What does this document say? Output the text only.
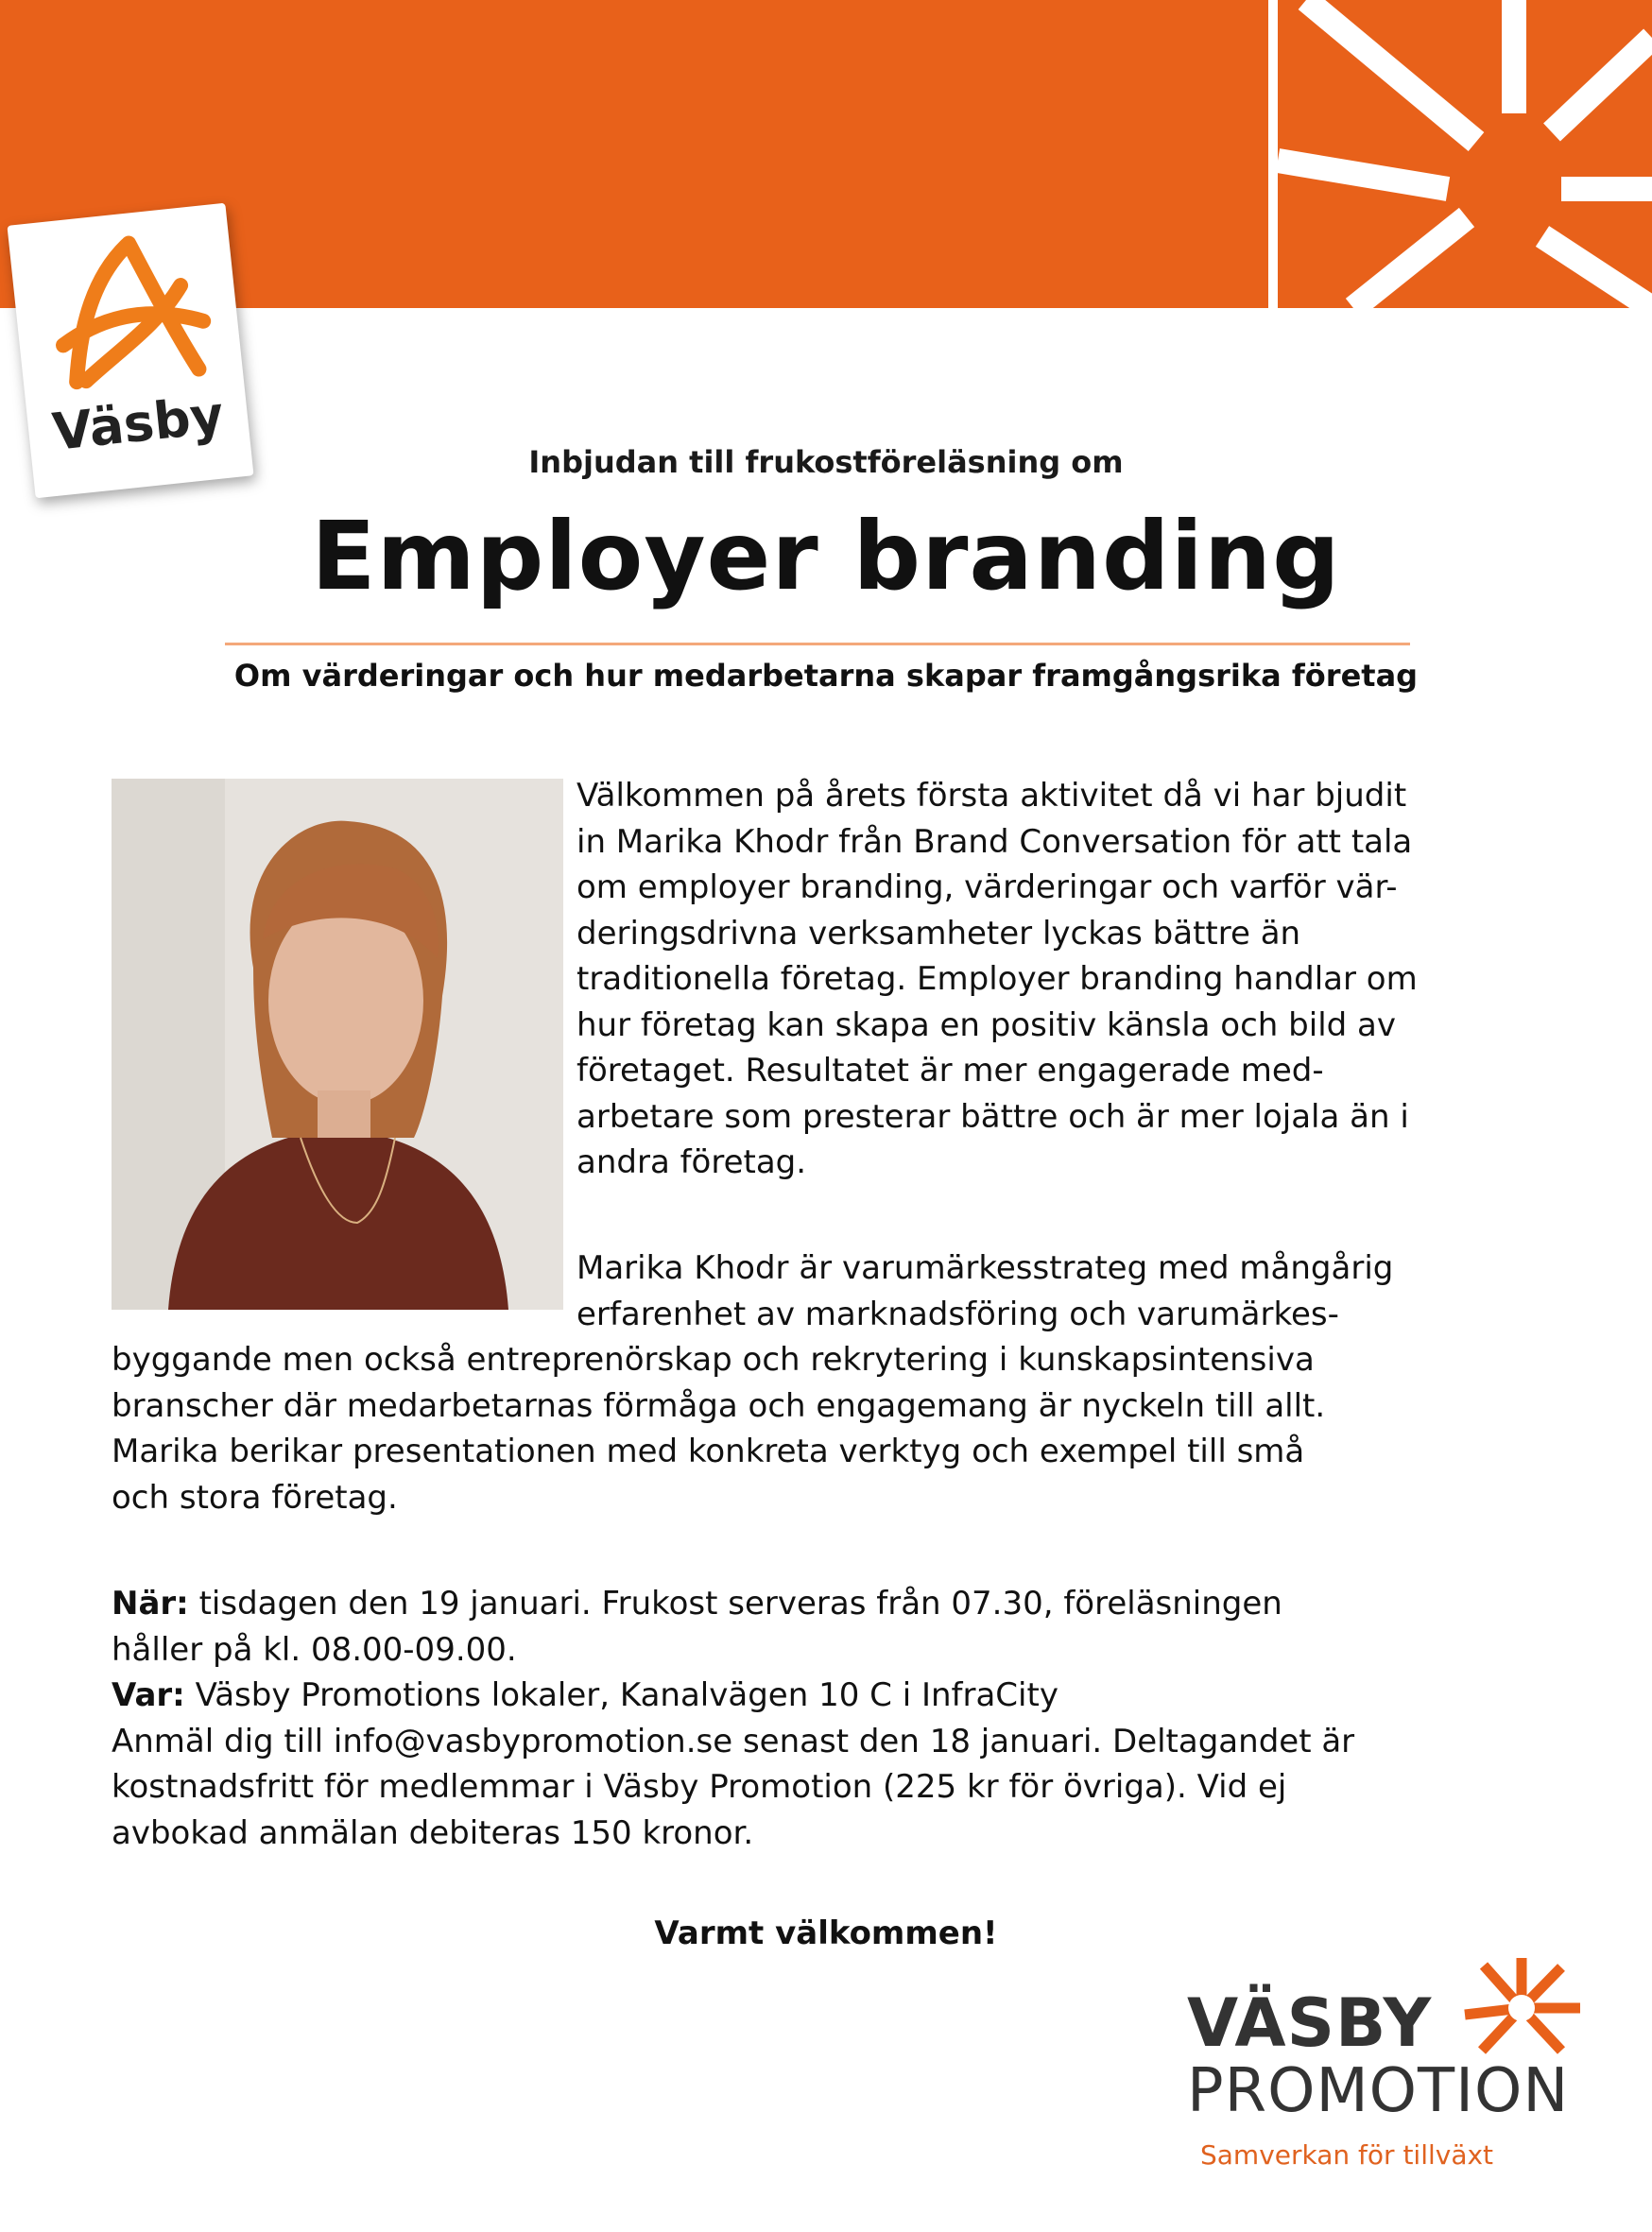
Väsby
Inbjudan till frukostföreläsning om
Employer branding
Om värderingar och hur medarbetarna skapar framgångsrika företag
Välkommen på årets första aktivitet då vi har bjudit
in Marika Khodr från Brand Conversation för att tala
om employer branding, värderingar och varför vär-
deringsdrivna verksamheter lyckas bättre än
traditionella företag. Employer branding handlar om
hur företag kan skapa en positiv känsla och bild av
företaget. Resultatet är mer engagerade med-
arbetare som presterar bättre och är mer lojala än i
andra företag.
Marika Khodr är varumärkesstrateg med mångårig
erfarenhet av marknadsföring och varumärkes-
byggande men också entreprenörskap och rekrytering i kunskapsintensiva
branscher där medarbetarnas förmåga och engagemang är nyckeln till allt.
Marika berikar presentationen med konkreta verktyg och exempel till små
och stora företag.
När: tisdagen den 19 januari. Frukost serveras från 07.30, föreläsningen
håller på kl. 08.00-09.00.
Var: Väsby Promotions lokaler, Kanalvägen 10 C i InfraCity
Anmäl dig till info@vasbypromotion.se senast den 18 januari. Deltagandet är
kostnadsfritt för medlemmar i Väsby Promotion (225 kr för övriga). Vid ej
avbokad anmälan debiteras 150 kronor.
Varmt välkommen!
VÄSBY
PROMOTION
Samverkan för tillväxt
